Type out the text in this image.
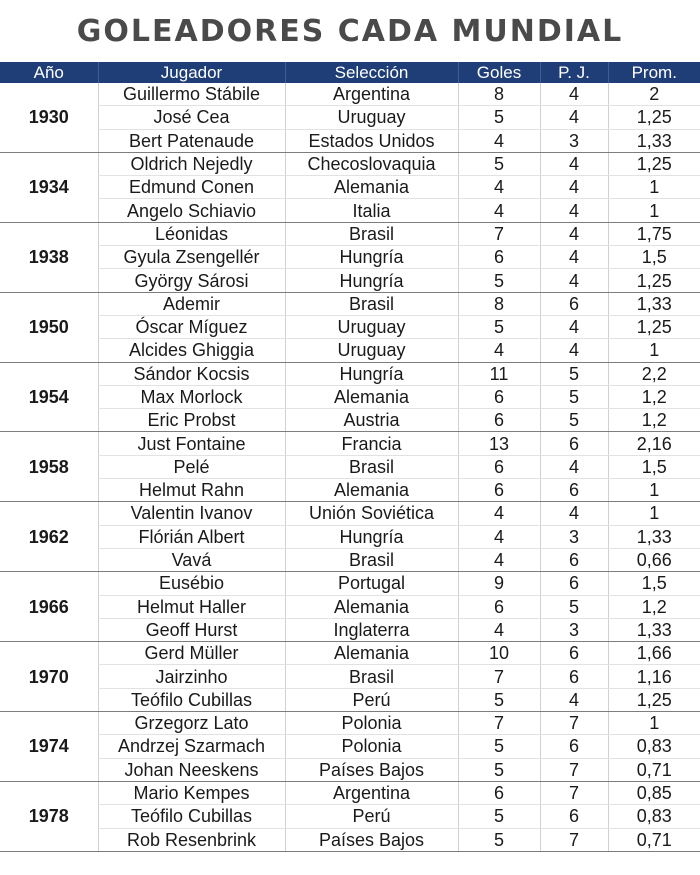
GOLEADORES CADA MUNDIAL
Año	Jugador	Selección	Goles	P. J.	Prom.
1930	Guillermo Stábile	Argentina	8	4	2
	José Cea	Uruguay	5	4	1,25
	Bert Patenaude	Estados Unidos	4	3	1,33
1934	Oldrich Nejedly	Checoslovaquia	5	4	1,25
	Edmund Conen	Alemania	4	4	1
	Angelo Schiavio	Italia	4	4	1
1938	Léonidas	Brasil	7	4	1,75
	Gyula Zsengellér	Hungría	6	4	1,5
	György Sárosi	Hungría	5	4	1,25
1950	Ademir	Brasil	8	6	1,33
	Óscar Míguez	Uruguay	5	4	1,25
	Alcides Ghiggia	Uruguay	4	4	1
1954	Sándor Kocsis	Hungría	11	5	2,2
	Max Morlock	Alemania	6	5	1,2
	Eric Probst	Austria	6	5	1,2
1958	Just Fontaine	Francia	13	6	2,16
	Pelé	Brasil	6	4	1,5
	Helmut Rahn	Alemania	6	6	1
1962	Valentin Ivanov	Unión Soviética	4	4	1
	Flórián Albert	Hungría	4	3	1,33
	Vavá	Brasil	4	6	0,66
1966	Eusébio	Portugal	9	6	1,5
	Helmut Haller	Alemania	6	5	1,2
	Geoff Hurst	Inglaterra	4	3	1,33
1970	Gerd Müller	Alemania	10	6	1,66
	Jairzinho	Brasil	7	6	1,16
	Teófilo Cubillas	Perú	5	4	1,25
1974	Grzegorz Lato	Polonia	7	7	1
	Andrzej Szarmach	Polonia	5	6	0,83
	Johan Neeskens	Países Bajos	5	7	0,71
1978	Mario Kempes	Argentina	6	7	0,85
	Teófilo Cubillas	Perú	5	6	0,83
	Rob Resenbrink	Países Bajos	5	7	0,71
